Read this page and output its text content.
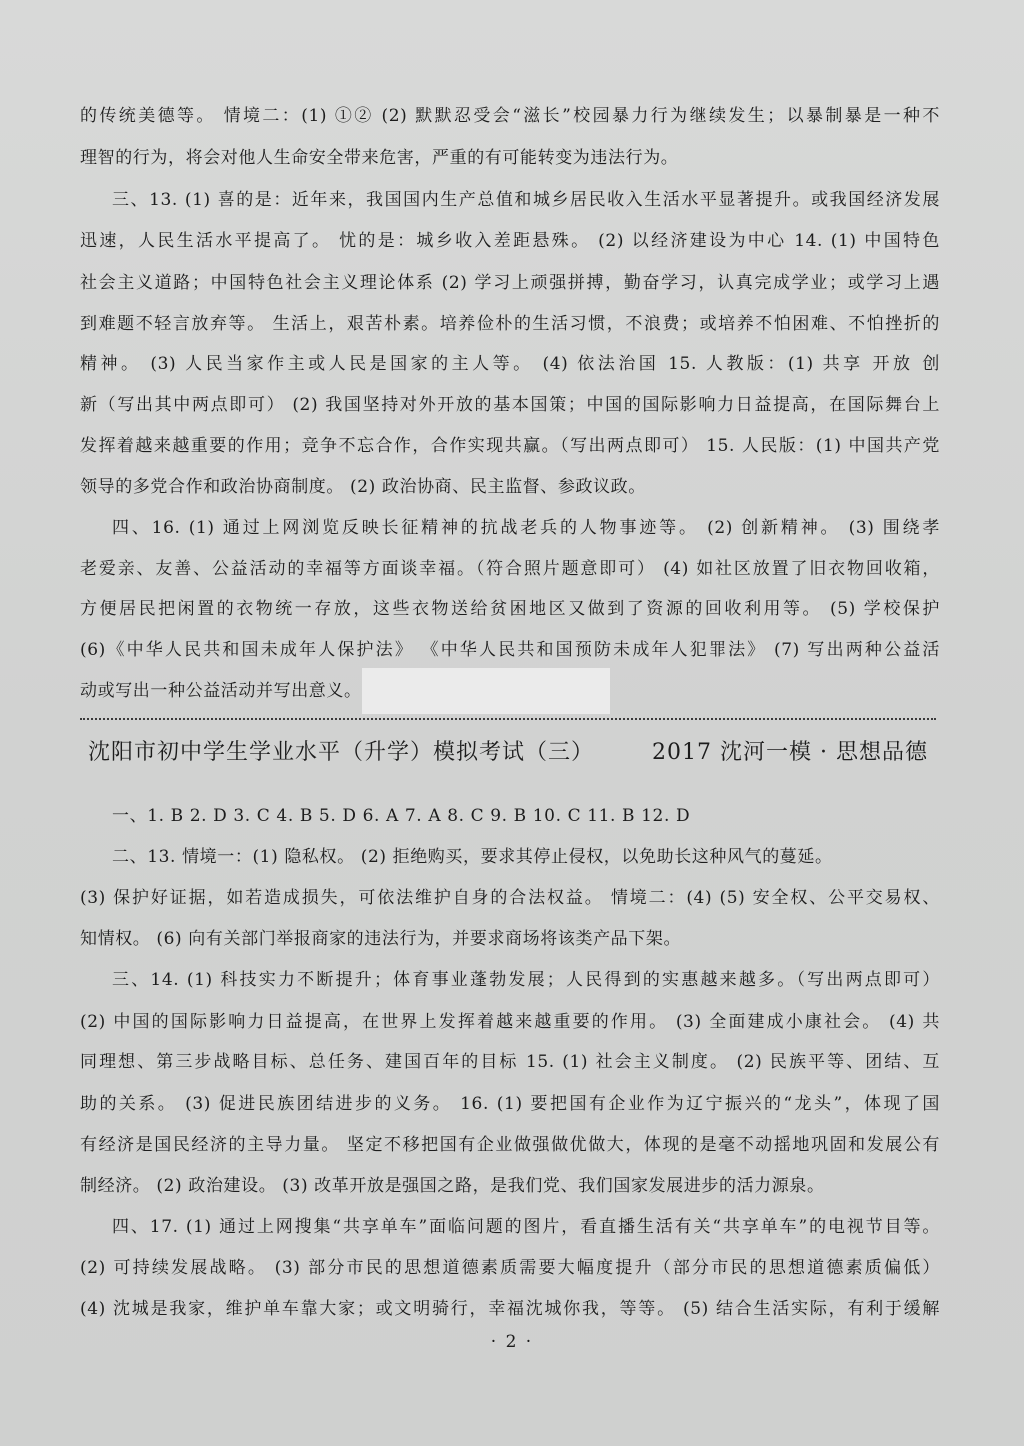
的传统美德等。 情境二：(1) ①② (2) 默默忍受会“滋长”校园暴力行为继续发生；以暴制暴是一种不
理智的行为，将会对他人生命安全带来危害，严重的有可能转变为违法行为。
三、13. (1) 喜的是：近年来，我国国内生产总值和城乡居民收入生活水平显著提升。或我国经济发展
迅速，人民生活水平提高了。 忧的是：城乡收入差距悬殊。 (2) 以经济建设为中心 14. (1) 中国特色
社会主义道路；中国特色社会主义理论体系 (2) 学习上顽强拼搏，勤奋学习，认真完成学业；或学习上遇
到难题不轻言放弃等。 生活上，艰苦朴素。培养俭朴的生活习惯，不浪费；或培养不怕困难、不怕挫折的
精神。 (3) 人民当家作主或人民是国家的主人等。 (4) 依法治国 15. 人教版：(1) 共享 开放 创
新（写出其中两点即可） (2) 我国坚持对外开放的基本国策；中国的国际影响力日益提高，在国际舞台上
发挥着越来越重要的作用；竞争不忘合作，合作实现共赢。（写出两点即可） 15. 人民版：(1) 中国共产党
领导的多党合作和政治协商制度。 (2) 政治协商、民主监督、参政议政。
四、16. (1) 通过上网浏览反映长征精神的抗战老兵的人物事迹等。 (2) 创新精神。 (3) 围绕孝
老爱亲、友善、公益活动的幸福等方面谈幸福。（符合照片题意即可） (4) 如社区放置了旧衣物回收箱，
方便居民把闲置的衣物统一存放，这些衣物送给贫困地区又做到了资源的回收利用等。 (5) 学校保护
(6)《中华人民共和国未成年人保护法》 《中华人民共和国预防未成年人犯罪法》 (7) 写出两种公益活
动或写出一种公益活动并写出意义。
沈阳市初中学生学业水平（升学）模拟考试（三）	2017 沈河一模 · 思想品德
一、1. B 2. D 3. C 4. B 5. D 6. A 7. A 8. C 9. B 10. C 11. B 12. D
二、13. 情境一：(1) 隐私权。 (2) 拒绝购买，要求其停止侵权，以免助长这种风气的蔓延。
(3) 保护好证据，如若造成损失，可依法维护自身的合法权益。 情境二：(4) (5) 安全权、公平交易权、
知情权。 (6) 向有关部门举报商家的违法行为，并要求商场将该类产品下架。
三、14. (1) 科技实力不断提升；体育事业蓬勃发展；人民得到的实惠越来越多。（写出两点即可）
(2) 中国的国际影响力日益提高，在世界上发挥着越来越重要的作用。 (3) 全面建成小康社会。 (4) 共
同理想、第三步战略目标、总任务、建国百年的目标 15. (1) 社会主义制度。 (2) 民族平等、团结、互
助的关系。 (3) 促进民族团结进步的义务。 16. (1) 要把国有企业作为辽宁振兴的“龙头”，体现了国
有经济是国民经济的主导力量。 坚定不移把国有企业做强做优做大，体现的是毫不动摇地巩固和发展公有
制经济。 (2) 政治建设。 (3) 改革开放是强国之路，是我们党、我们国家发展进步的活力源泉。
四、17. (1) 通过上网搜集“共享单车”面临问题的图片，看直播生活有关“共享单车”的电视节目等。
(2) 可持续发展战略。 (3) 部分市民的思想道德素质需要大幅度提升（部分市民的思想道德素质偏低）
(4) 沈城是我家，维护单车靠大家；或文明骑行，幸福沈城你我，等等。 (5) 结合生活实际，有利于缓解
· 2 ·
